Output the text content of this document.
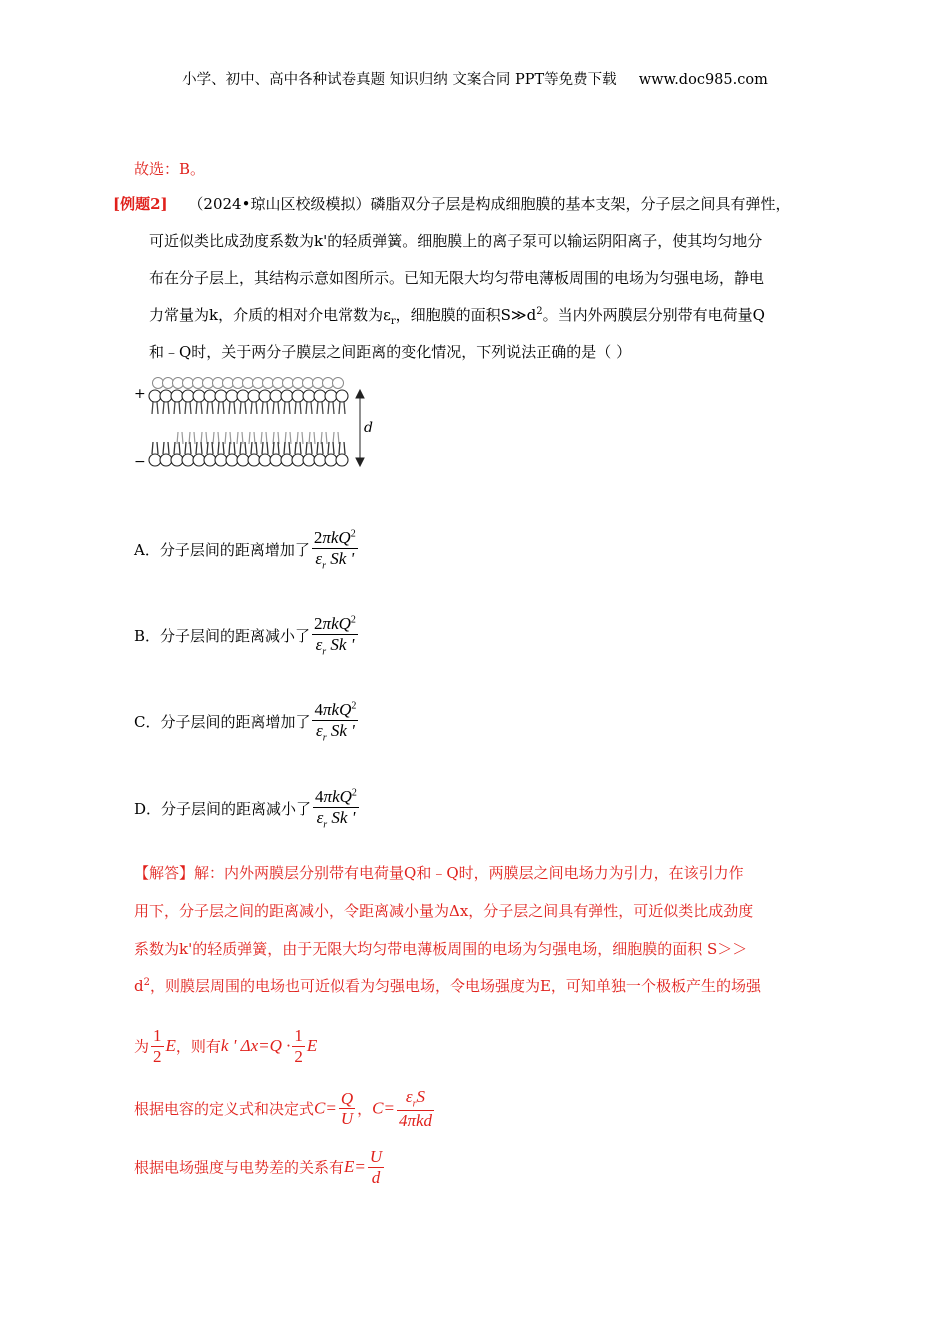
小学、初中、高中各种试卷真题 知识归纳 文案合同 PPT等免费下载 www.doc985.com
故选：B。
[例题2] （2024•琼山区校级模拟）磷脂双分子层是构成细胞膜的基本支架，分子层之间具有弹性，
可近似类比成劲度系数为k'的轻质弹簧。细胞膜上的离子泵可以输运阴阳离子，使其均匀地分
布在分子层上，其结构示意如图所示。已知无限大均匀带电薄板周围的电场为匀强电场，静电
力常量为k，介质的相对介电常数为$\varepsilon_r$，细胞膜的面积$S≫d^2$。当内外两膜层分别带有电荷量Q
和﹣Q时，关于两分子膜层之间距离的变化情况，下列说法正确的是（ ）
+
−
d
A．分子层间的距离增加了 $\frac{2\pi kQ^2}{\varepsilon_r Sk '}$
B．分子层间的距离减小了 $\frac{2\pi kQ^2}{\varepsilon_r Sk '}$
C．分子层间的距离增加了 $\frac{4\pi kQ^2}{\varepsilon_r Sk '}$
D．分子层间的距离减小了 $\frac{4\pi kQ^2}{\varepsilon_r Sk '}$
【解答】解：内外两膜层分别带有电荷量Q和﹣Q时，两膜层之间电场力为引力，在该引力作
用下，分子层之间的距离减小，令距离减小量为Δx，分子层之间具有弹性，可近似类比成劲度
系数为k'的轻质弹簧，由于无限大均匀带电薄板周围的电场为匀强电场，细胞膜的面积 S＞＞
$d^2$，则膜层周围的电场也可近似看为匀强电场，令电场强度为E，可知单独一个极板产生的场强
为 $\frac{1}{2}$ E，则有k ' $\Delta x=Q \cdot \frac{1}{2}$ E
根据电容的定义式和决定式$C= \frac{Q}{U}$ ，$C= \frac{\varepsilon_rS}{\text{4πkd}}$
根据电场强度与电势差的关系有$E= \frac{U}{d}$
